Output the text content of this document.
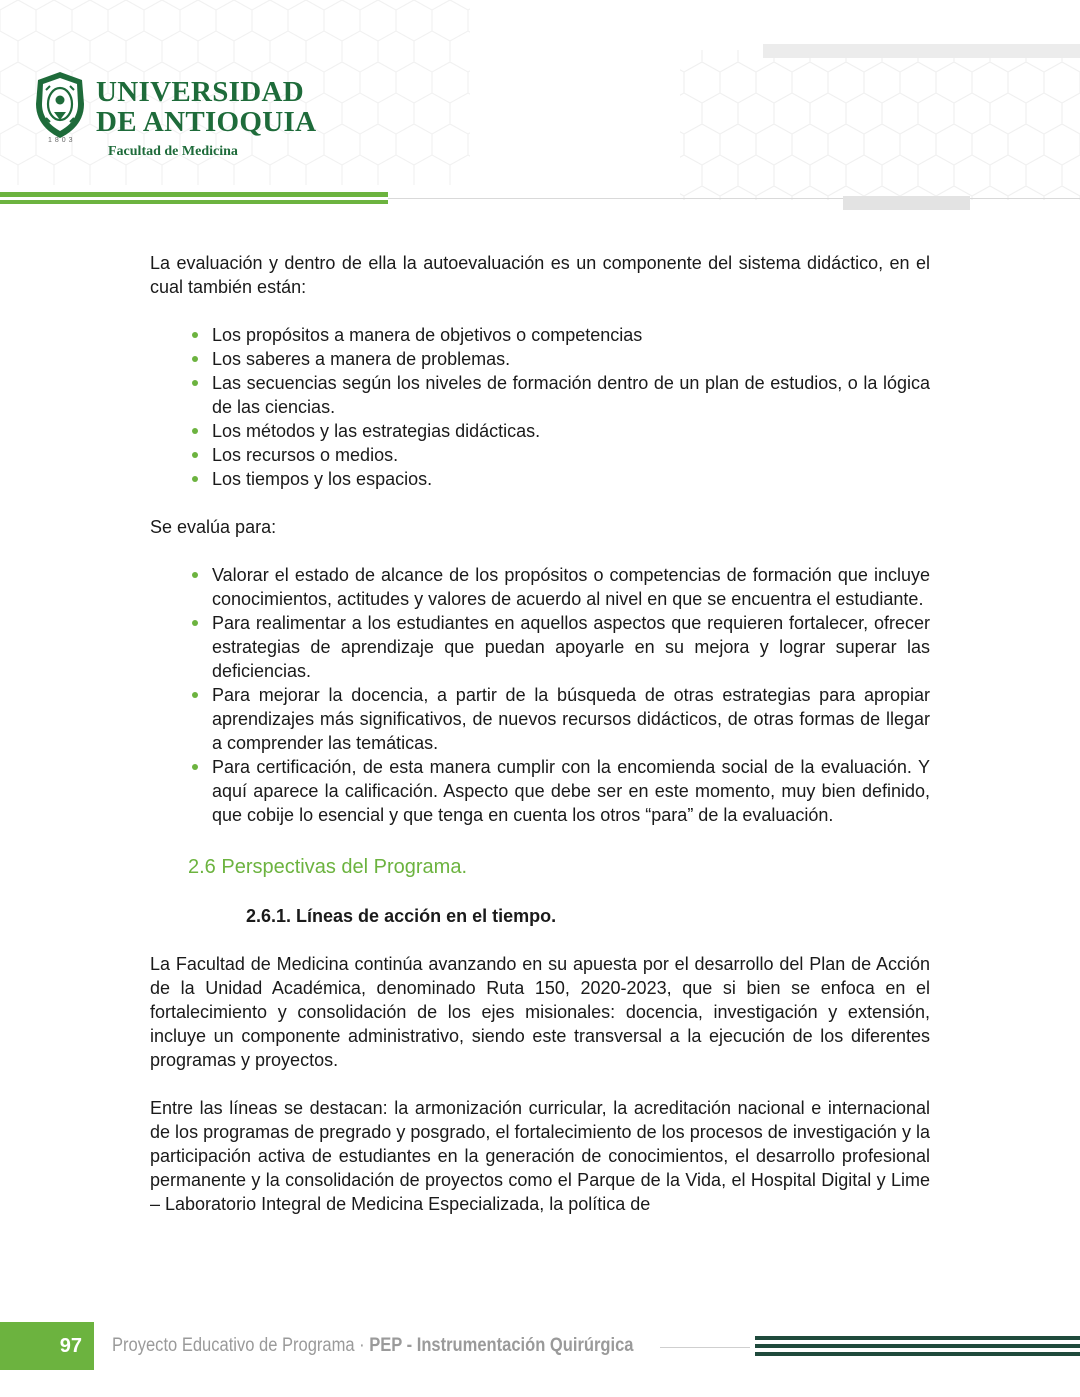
1803
UNIVERSIDAD
DE ANTIOQUIA
Facultad de Medicina

La evaluación y dentro de ella la autoevaluación es un componente del sistema didáctico, en el cual también están:

Los propósitos a manera de objetivos o competencias
Los saberes a manera de problemas.
Las secuencias según los niveles de formación dentro de un plan de estudios, o la lógica de las ciencias.
Los métodos y las estrategias didácticas.
Los recursos o medios.
Los tiempos y los espacios.

Se evalúa para:

Valorar el estado de alcance de los propósitos o competencias de formación que incluye conocimientos, actitudes y valores de acuerdo al nivel en que se encuentra el estudiante.
Para realimentar a los estudiantes en aquellos aspectos que requieren fortalecer, ofrecer estrategias de aprendizaje que puedan apoyarle en su mejora y lograr superar las deficiencias.
Para mejorar la docencia, a partir de la búsqueda de otras estrategias para apropiar aprendizajes más significativos, de nuevos recursos didácticos, de otras formas de llegar a comprender las temáticas.
Para certificación, de esta manera cumplir con la encomienda social de la evaluación. Y aquí aparece la calificación. Aspecto que debe ser en este momento, muy bien definido, que cobije lo esencial y que tenga en cuenta los otros “para” de la evaluación.
2.6 Perspectivas del Programa.
2.6.1. Líneas de acción en el tiempo.

La Facultad de Medicina continúa avanzando en su apuesta por el desarrollo del Plan de Acción de la Unidad Académica, denominado Ruta 150, 2020-2023, que si bien se enfoca en el fortalecimiento y consolidación de los ejes misionales: docencia, investigación y extensión, incluye un componente administrativo, siendo este transversal a la ejecución de los diferentes programas y proyectos.

Entre las líneas se destacan: la armonización curricular, la acreditación nacional e internacional de los programas de pregrado y posgrado, el fortalecimiento de los procesos de investigación y la participación activa de estudiantes en la generación de conocimientos, el desarrollo profesional permanente y la consolidación de proyectos como el Parque de la Vida, el Hospital Digital y Lime – Laboratorio Integral de Medicina Especializada, la política de

97	Proyecto Educativo de Programa · PEP - Instrumentación Quirúrgica
